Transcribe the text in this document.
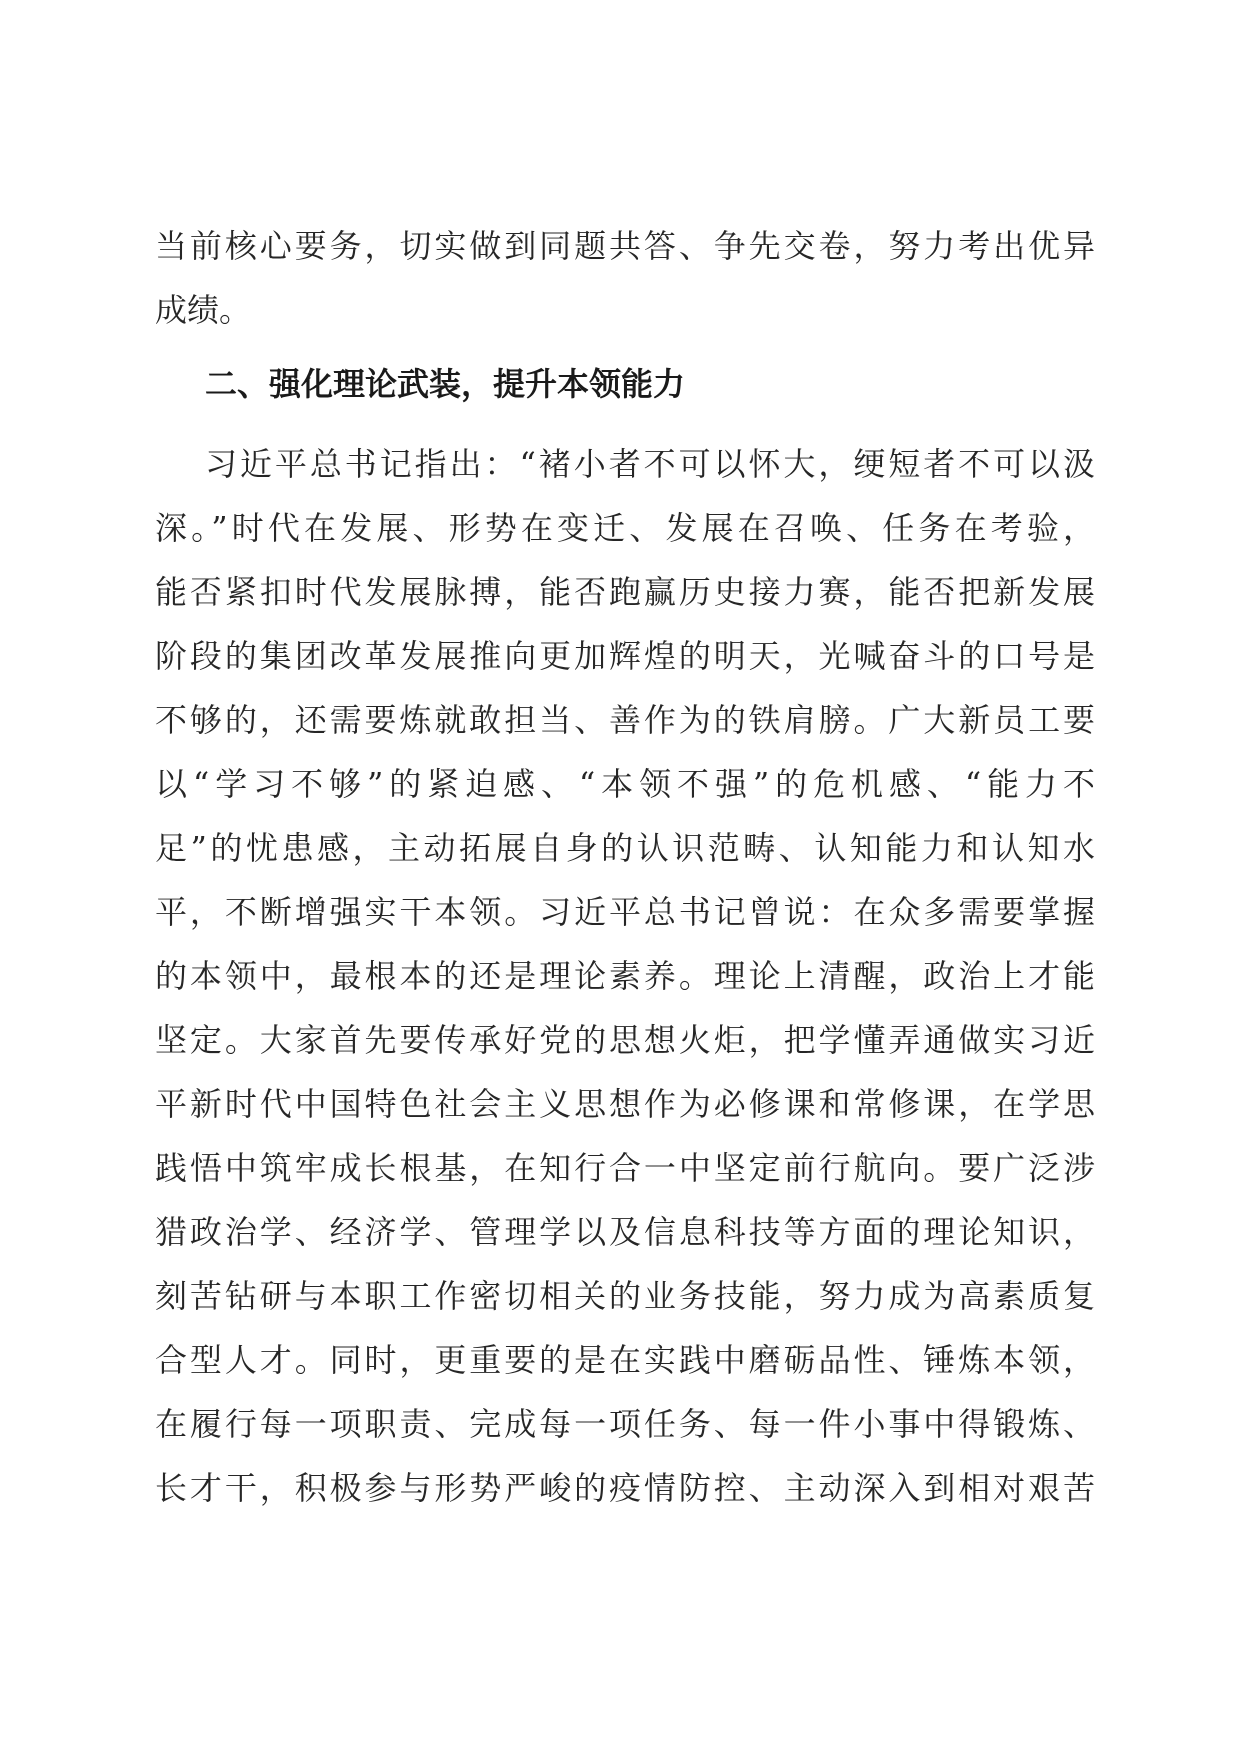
当前核心要务，切实做到同题共答、争先交卷，努力考出优异
成绩。
二、强化理论武装，提升本领能力
习近平总书记指出：“褚小者不可以怀大，绠短者不可以汲
深。”时代在发展、形势在变迁、发展在召唤、任务在考验，
能否紧扣时代发展脉搏，能否跑赢历史接力赛，能否把新发展
阶段的集团改革发展推向更加辉煌的明天，光喊奋斗的口号是
不够的，还需要炼就敢担当、善作为的铁肩膀。广大新员工要
以“学习不够”的紧迫感、“本领不强”的危机感、“能力不
足”的忧患感，主动拓展自身的认识范畴、认知能力和认知水
平，不断增强实干本领。习近平总书记曾说：在众多需要掌握
的本领中，最根本的还是理论素养。理论上清醒，政治上才能
坚定。大家首先要传承好党的思想火炬，把学懂弄通做实习近
平新时代中国特色社会主义思想作为必修课和常修课，在学思
践悟中筑牢成长根基，在知行合一中坚定前行航向。要广泛涉
猎政治学、经济学、管理学以及信息科技等方面的理论知识，
刻苦钻研与本职工作密切相关的业务技能，努力成为高素质复
合型人才。同时，更重要的是在实践中磨砺品性、锤炼本领，
在履行每一项职责、完成每一项任务、每一件小事中得锻炼、
长才干，积极参与形势严峻的疫情防控、主动深入到相对艰苦
